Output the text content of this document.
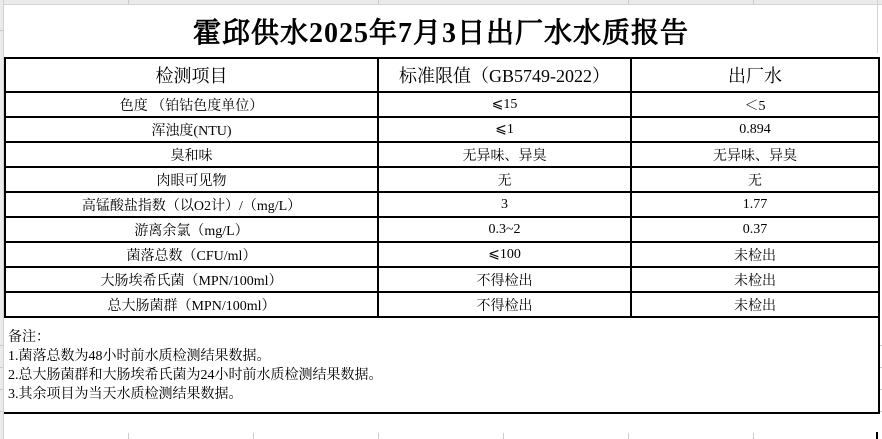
霍邱供水2025年7月3日出厂水水质报告
检测项目	标准限值（GB5749-2022）	出厂水
色度 （铂钴色度单位）	⩽15	＜5
浑浊度(NTU)	⩽1	0.894
臭和味	无异味、异臭	无异味、异臭
肉眼可见物	无	无
高锰酸盐指数（以O2计）/（mg/L）	3	1.77
游离余氯（mg/L）	0.3~2	0.37
菌落总数（CFU/ml）	⩽100	未检出
大肠埃希氏菌（MPN/100ml）	不得检出	未检出
总大肠菌群（MPN/100ml）	不得检出	未检出
备注：
1.菌落总数为48小时前水质检测结果数据。
2.总大肠菌群和大肠埃希氏菌为24小时前水质检测结果数据。
3.其余项目为当天水质检测结果数据。
